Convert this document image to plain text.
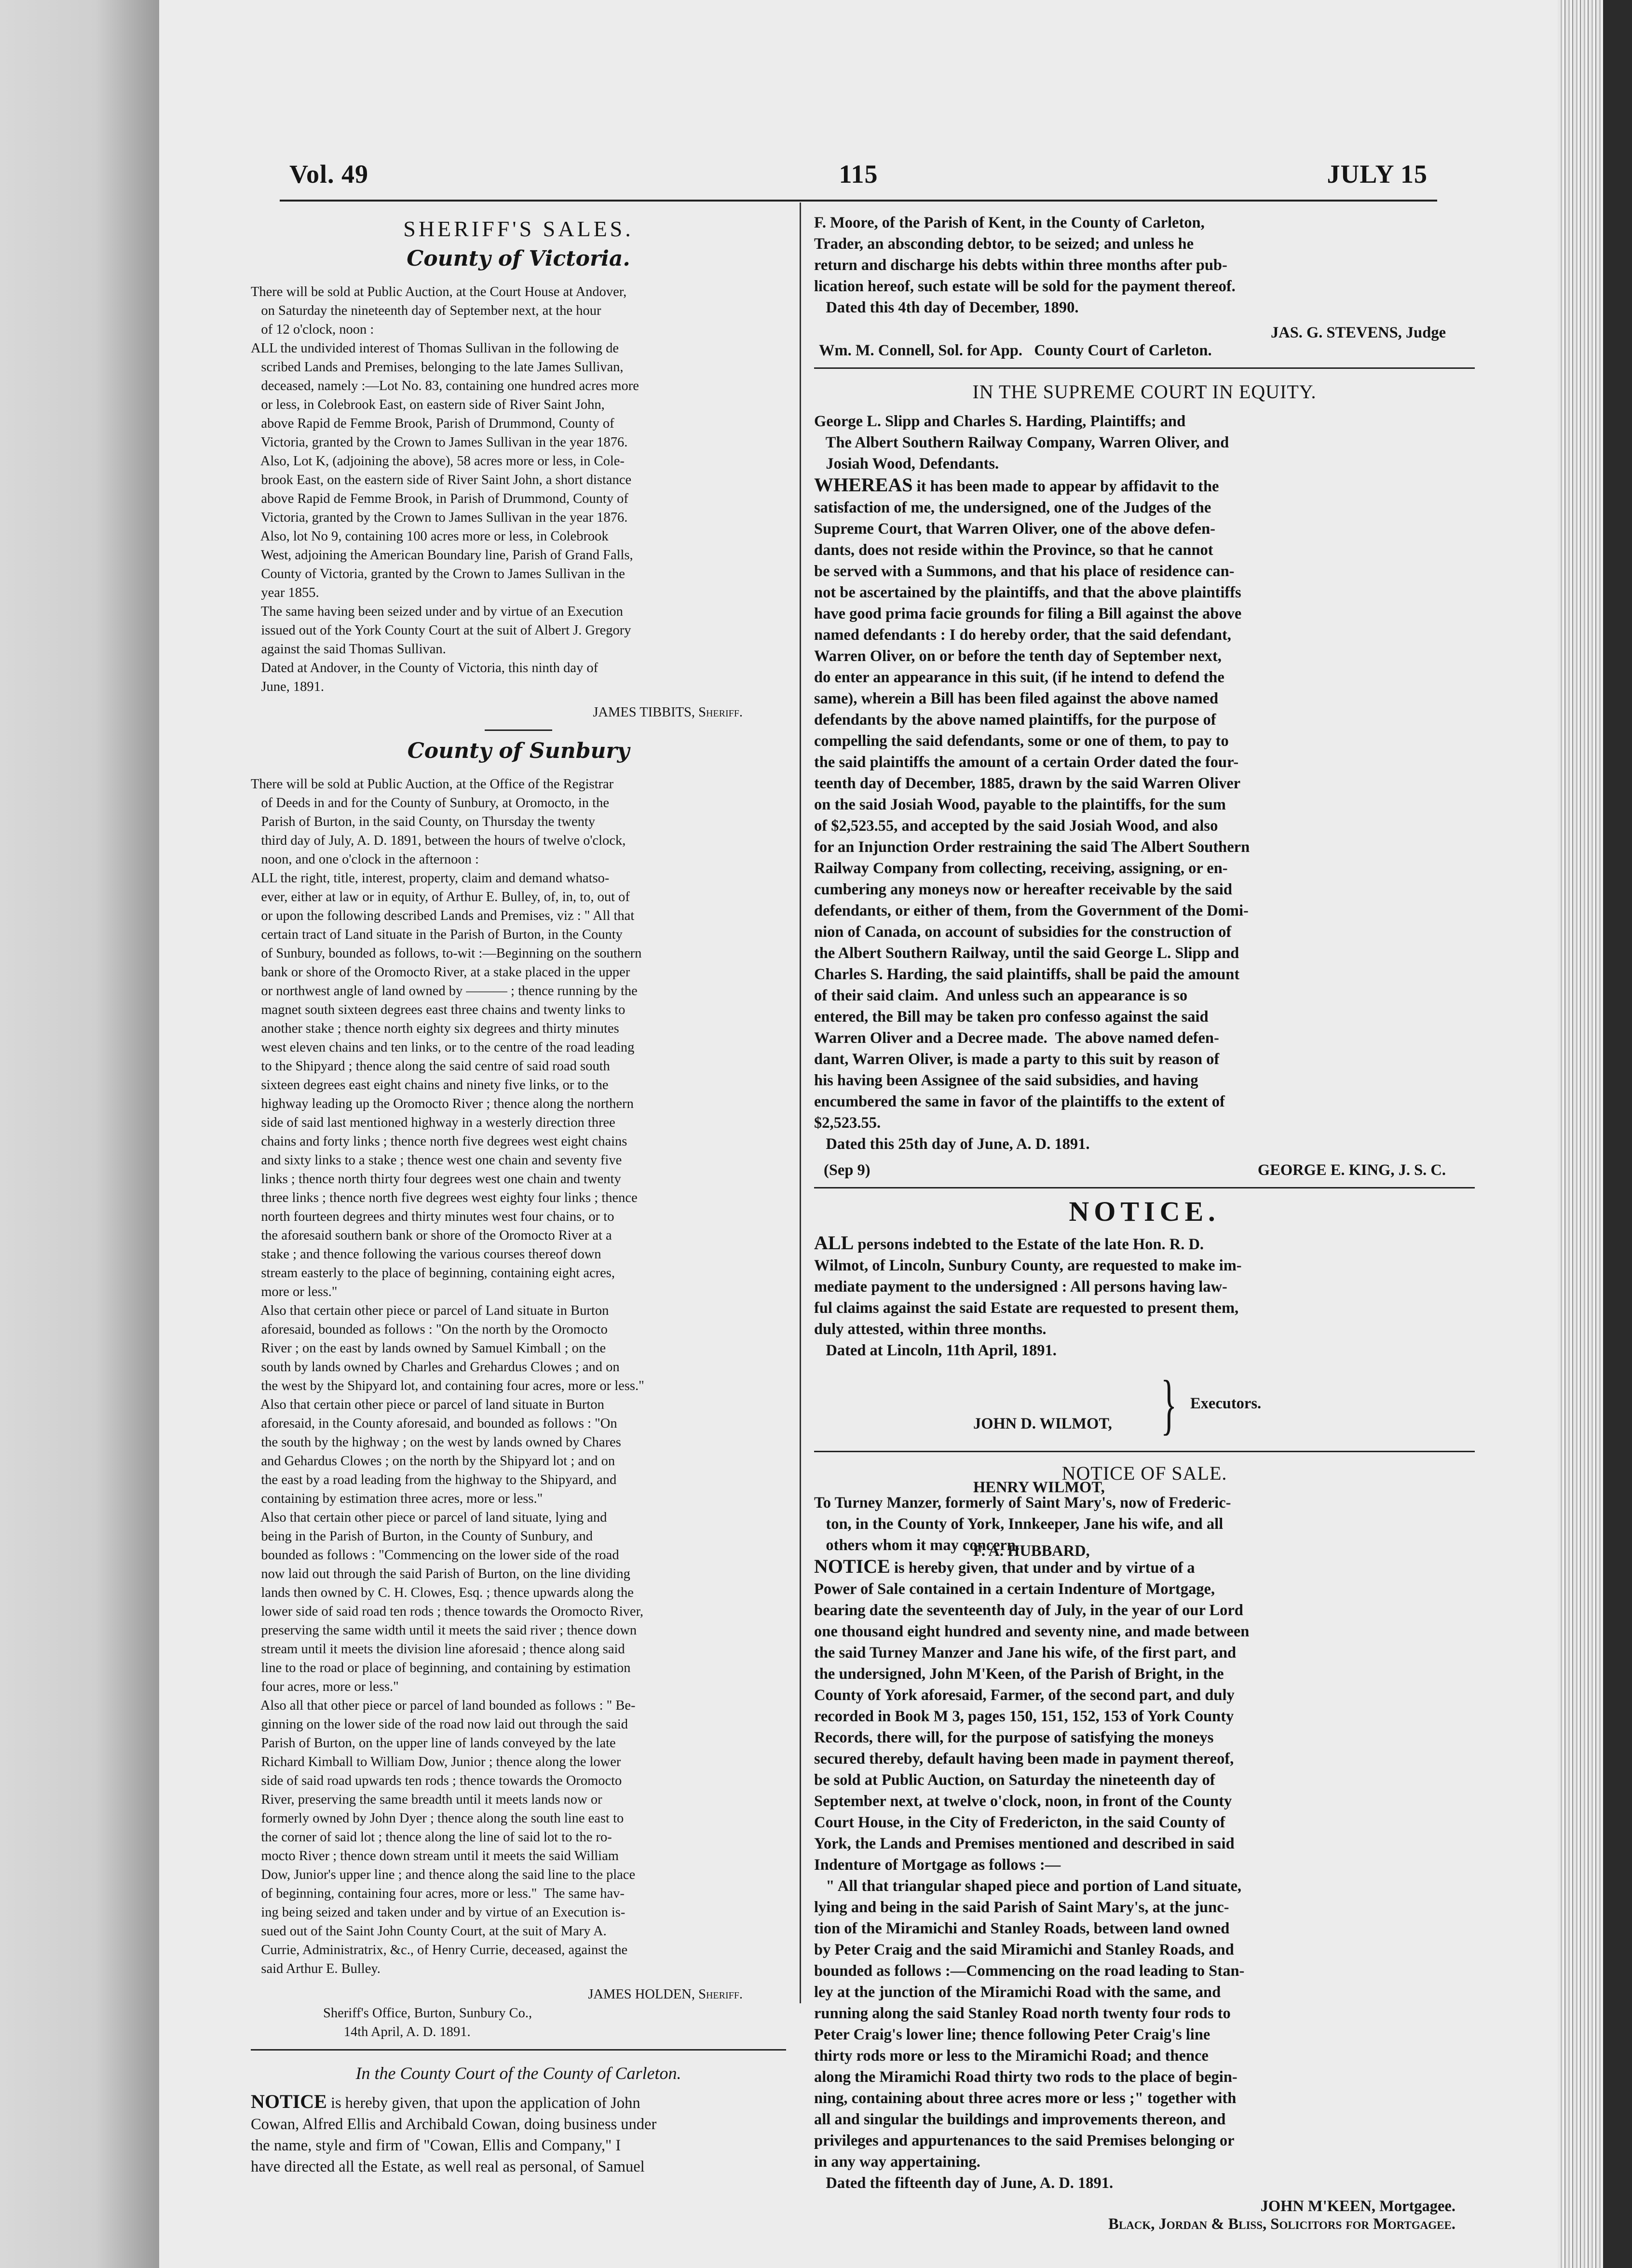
Vol. 49	115	JULY 15
SHERIFF'S SALES.
County of Victoria.
There will be sold at Public Auction, at the Court House at Andover,
on Saturday the nineteenth day of September next, at the hour
of 12 o'clock, noon :
ALL the undivided interest of Thomas Sullivan in the following de
scribed Lands and Premises, belonging to the late James Sullivan,
deceased, namely :—Lot No. 83, containing one hundred acres more
or less, in Colebrook East, on eastern side of River Saint John,
above Rapid de Femme Brook, Parish of Drummond, County of
Victoria, granted by the Crown to James Sullivan in the year 1876.
Also, Lot K, (adjoining the above), 58 acres more or less, in Cole-
brook East, on the eastern side of River Saint John, a short distance
above Rapid de Femme Brook, in Parish of Drummond, County of
Victoria, granted by the Crown to James Sullivan in the year 1876.
Also, lot No 9, containing 100 acres more or less, in Colebrook
West, adjoining the American Boundary line, Parish of Grand Falls,
County of Victoria, granted by the Crown to James Sullivan in the
year 1855.
The same having been seized under and by virtue of an Execution
issued out of the York County Court at the suit of Albert J. Gregory
against the said Thomas Sullivan.
Dated at Andover, in the County of Victoria, this ninth day of
June, 1891.
JAMES TIBBITS, Sheriff.
County of Sunbury
There will be sold at Public Auction, at the Office of the Registrar
of Deeds in and for the County of Sunbury, at Oromocto, in the
Parish of Burton, in the said County, on Thursday the twenty
third day of July, A. D. 1891, between the hours of twelve o'clock,
noon, and one o'clock in the afternoon :
ALL the right, title, interest, property, claim and demand whatso-
ever, either at law or in equity, of Arthur E. Bulley, of, in, to, out of
or upon the following described Lands and Premises, viz : " All that
certain tract of Land situate in the Parish of Burton, in the County
of Sunbury, bounded as follows, to-wit :—Beginning on the southern
bank or shore of the Oromocto River, at a stake placed in the upper
or northwest angle of land owned by ——— ; thence running by the
magnet south sixteen degrees east three chains and twenty links to
another stake ; thence north eighty six degrees and thirty minutes
west eleven chains and ten links, or to the centre of the road leading
to the Shipyard ; thence along the said centre of said road south
sixteen degrees east eight chains and ninety five links, or to the
highway leading up the Oromocto River ; thence along the northern
side of said last mentioned highway in a westerly direction three
chains and forty links ; thence north five degrees west eight chains
and sixty links to a stake ; thence west one chain and seventy five
links ; thence north thirty four degrees west one chain and twenty
three links ; thence north five degrees west eighty four links ; thence
north fourteen degrees and thirty minutes west four chains, or to
the aforesaid southern bank or shore of the Oromocto River at a
stake ; and thence following the various courses thereof down
stream easterly to the place of beginning, containing eight acres,
more or less."
Also that certain other piece or parcel of Land situate in Burton
aforesaid, bounded as follows : "On the north by the Oromocto
River ; on the east by lands owned by Samuel Kimball ; on the
south by lands owned by Charles and Grehardus Clowes ; and on
the west by the Shipyard lot, and containing four acres, more or less."
Also that certain other piece or parcel of land situate in Burton
aforesaid, in the County aforesaid, and bounded as follows : "On
the south by the highway ; on the west by lands owned by Chares
and Gehardus Clowes ; on the north by the Shipyard lot ; and on
the east by a road leading from the highway to the Shipyard, and
containing by estimation three acres, more or less."
Also that certain other piece or parcel of land situate, lying and
being in the Parish of Burton, in the County of Sunbury, and
bounded as follows : "Commencing on the lower side of the road
now laid out through the said Parish of Burton, on the line dividing
lands then owned by C. H. Clowes, Esq. ; thence upwards along the
lower side of said road ten rods ; thence towards the Oromocto River,
preserving the same width until it meets the said river ; thence down
stream until it meets the division line aforesaid ; thence along said
line to the road or place of beginning, and containing by estimation
four acres, more or less."
Also all that other piece or parcel of land bounded as follows : " Be-
ginning on the lower side of the road now laid out through the said
Parish of Burton, on the upper line of lands conveyed by the late
Richard Kimball to William Dow, Junior ; thence along the lower
side of said road upwards ten rods ; thence towards the Oromocto
River, preserving the same breadth until it meets lands now or
formerly owned by John Dyer ; thence along the south line east to
the corner of said lot ; thence along the line of said lot to the ro-
mocto River ; thence down stream until it meets the said William
Dow, Junior's upper line ; and thence along the said line to the place
of beginning, containing four acres, more or less."  The same hav-
ing being seized and taken under and by virtue of an Execution is-
sued out of the Saint John County Court, at the suit of Mary A.
Currie, Administratrix, &c., of Henry Currie, deceased, against the
said Arthur E. Bulley.
JAMES HOLDEN, Sheriff.
Sheriff's Office, Burton, Sunbury Co.,
14th April, A. D. 1891.
In the County Court of the County of Carleton.
NOTICE is hereby given, that upon the application of John
Cowan, Alfred Ellis and Archibald Cowan, doing business under
the name, style and firm of "Cowan, Ellis and Company," I
have directed all the Estate, as well real as personal, of Samuel
F. Moore, of the Parish of Kent, in the County of Carleton,
Trader, an absconding debtor, to be seized; and unless he
return and discharge his debts within three months after pub-
lication hereof, such estate will be sold for the payment thereof.
Dated this 4th day of December, 1890.
JAS. G. STEVENS, Judge
Wm. M. Connell, Sol. for App.   County Court of Carleton.
IN THE SUPREME COURT IN EQUITY.
George L. Slipp and Charles S. Harding, Plaintiffs; and
The Albert Southern Railway Company, Warren Oliver, and
Josiah Wood, Defendants.
WHEREAS it has been made to appear by affidavit to the
satisfaction of me, the undersigned, one of the Judges of the
Supreme Court, that Warren Oliver, one of the above defen-
dants, does not reside within the Province, so that he cannot
be served with a Summons, and that his place of residence can-
not be ascertained by the plaintiffs, and that the above plaintiffs
have good prima facie grounds for filing a Bill against the above
named defendants : I do hereby order, that the said defendant,
Warren Oliver, on or before the tenth day of September next,
do enter an appearance in this suit, (if he intend to defend the
same), wherein a Bill has been filed against the above named
defendants by the above named plaintiffs, for the purpose of
compelling the said defendants, some or one of them, to pay to
the said plaintiffs the amount of a certain Order dated the four-
teenth day of December, 1885, drawn by the said Warren Oliver
on the said Josiah Wood, payable to the plaintiffs, for the sum
of $2,523.55, and accepted by the said Josiah Wood, and also
for an Injunction Order restraining the said The Albert Southern
Railway Company from collecting, receiving, assigning, or en-
cumbering any moneys now or hereafter receivable by the said
defendants, or either of them, from the Government of the Domi-
nion of Canada, on account of subsidies for the construction of
the Albert Southern Railway, until the said George L. Slipp and
Charles S. Harding, the said plaintiffs, shall be paid the amount
of their said claim.  And unless such an appearance is so
entered, the Bill may be taken pro confesso against the said
Warren Oliver and a Decree made.  The above named defen-
dant, Warren Oliver, is made a party to this suit by reason of
his having been Assignee of the said subsidies, and having
encumbered the same in favor of the plaintiffs to the extent of
$2,523.55.
Dated this 25th day of June, A. D. 1891.
(Sep 9)	GEORGE E. KING, J. S. C.
NOTICE.
ALL persons indebted to the Estate of the late Hon. R. D.
Wilmot, of Lincoln, Sunbury County, are requested to make im-
mediate payment to the undersigned : All persons having law-
ful claims against the said Estate are requested to present them,
duly attested, within three months.
Dated at Lincoln, 11th April, 1891.

JOHN D. WILMOT,

HENRY WILMOT,

F. A. HUBBARD,

} Executors.
NOTICE OF SALE.
To Turney Manzer, formerly of Saint Mary's, now of Frederic-
ton, in the County of York, Innkeeper, Jane his wife, and all
others whom it may concern.
NOTICE is hereby given, that under and by virtue of a
Power of Sale contained in a certain Indenture of Mortgage,
bearing date the seventeenth day of July, in the year of our Lord
one thousand eight hundred and seventy nine, and made between
the said Turney Manzer and Jane his wife, of the first part, and
the undersigned, John M'Keen, of the Parish of Bright, in the
County of York aforesaid, Farmer, of the second part, and duly
recorded in Book M 3, pages 150, 151, 152, 153 of York County
Records, there will, for the purpose of satisfying the moneys
secured thereby, default having been made in payment thereof,
be sold at Public Auction, on Saturday the nineteenth day of
September next, at twelve o'clock, noon, in front of the County
Court House, in the City of Fredericton, in the said County of
York, the Lands and Premises mentioned and described in said
Indenture of Mortgage as follows :—
" All that triangular shaped piece and portion of Land situate,
lying and being in the said Parish of Saint Mary's, at the junc-
tion of the Miramichi and Stanley Roads, between land owned
by Peter Craig and the said Miramichi and Stanley Roads, and
bounded as follows :—Commencing on the road leading to Stan-
ley at the junction of the Miramichi Road with the same, and
running along the said Stanley Road north twenty four rods to
Peter Craig's lower line; thence following Peter Craig's line
thirty rods more or less to the Miramichi Road; and thence
along the Miramichi Road thirty two rods to the place of begin-
ning, containing about three acres more or less ;" together with
all and singular the buildings and improvements thereon, and
privileges and appurtenances to the said Premises belonging or
in any way appertaining.
Dated the fifteenth day of June, A. D. 1891.
JOHN M'KEEN, Mortgagee.
Black, Jordan & Bliss, Solicitors for Mortgagee.
